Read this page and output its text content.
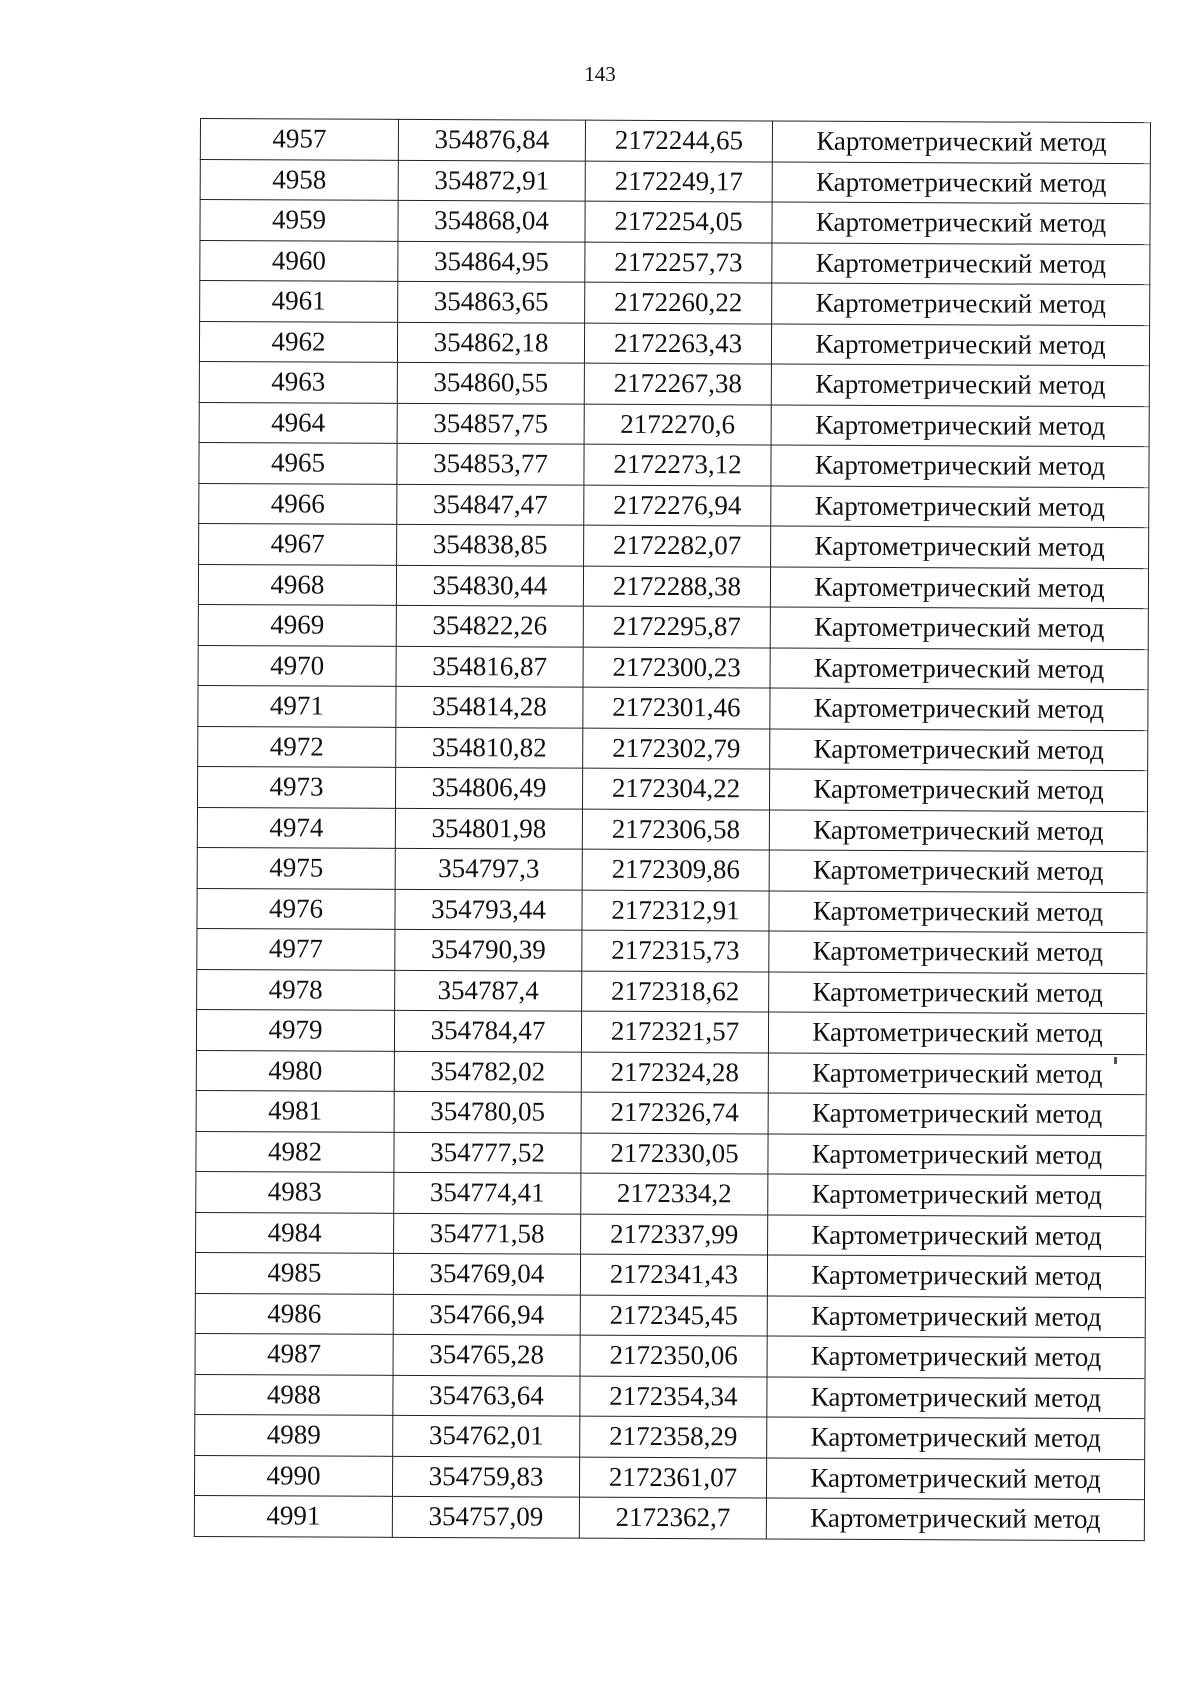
143
4957	354876,84	2172244,65	Картометрический метод
4958	354872,91	2172249,17	Картометрический метод
4959	354868,04	2172254,05	Картометрический метод
4960	354864,95	2172257,73	Картометрический метод
4961	354863,65	2172260,22	Картометрический метод
4962	354862,18	2172263,43	Картометрический метод
4963	354860,55	2172267,38	Картометрический метод
4964	354857,75	2172270,6	Картометрический метод
4965	354853,77	2172273,12	Картометрический метод
4966	354847,47	2172276,94	Картометрический метод
4967	354838,85	2172282,07	Картометрический метод
4968	354830,44	2172288,38	Картометрический метод
4969	354822,26	2172295,87	Картометрический метод
4970	354816,87	2172300,23	Картометрический метод
4971	354814,28	2172301,46	Картометрический метод
4972	354810,82	2172302,79	Картометрический метод
4973	354806,49	2172304,22	Картометрический метод
4974	354801,98	2172306,58	Картометрический метод
4975	354797,3	2172309,86	Картометрический метод
4976	354793,44	2172312,91	Картометрический метод
4977	354790,39	2172315,73	Картометрический метод
4978	354787,4	2172318,62	Картометрический метод
4979	354784,47	2172321,57	Картометрический метод
4980	354782,02	2172324,28	Картометрический метод
4981	354780,05	2172326,74	Картометрический метод
4982	354777,52	2172330,05	Картометрический метод
4983	354774,41	2172334,2	Картометрический метод
4984	354771,58	2172337,99	Картометрический метод
4985	354769,04	2172341,43	Картометрический метод
4986	354766,94	2172345,45	Картометрический метод
4987	354765,28	2172350,06	Картометрический метод
4988	354763,64	2172354,34	Картометрический метод
4989	354762,01	2172358,29	Картометрический метод
4990	354759,83	2172361,07	Картометрический метод
4991	354757,09	2172362,7	Картометрический метод
